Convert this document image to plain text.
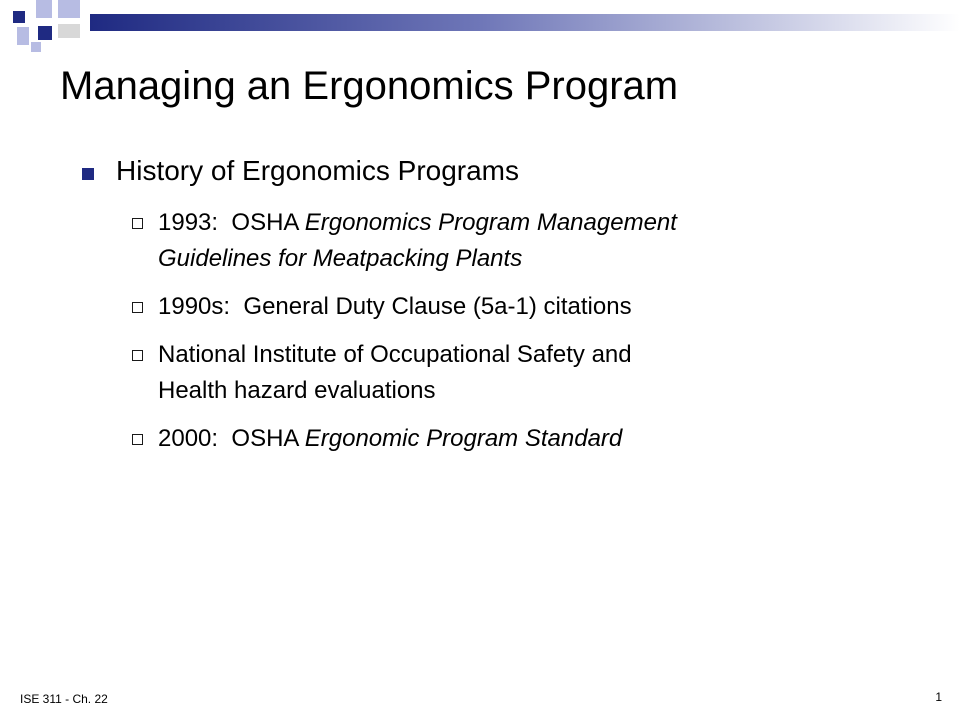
Managing an Ergonomics Program
History of Ergonomics Programs
1993:  OSHA Ergonomics Program Management
Guidelines for Meatpacking Plants
1990s:  General Duty Clause (5a-1) citations
National Institute of Occupational Safety and
Health hazard evaluations
2000:  OSHA Ergonomic Program Standard
ISE 311 - Ch. 22	1
